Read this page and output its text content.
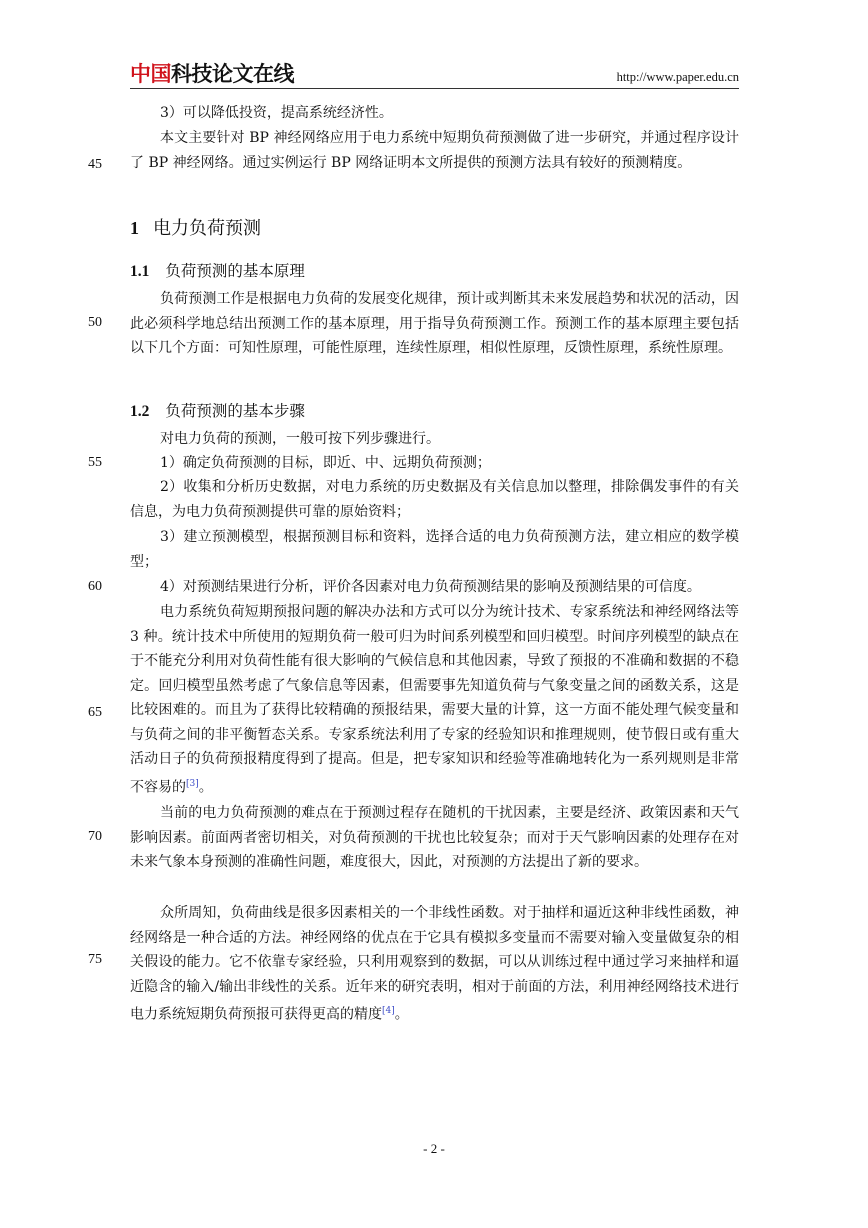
中国科技论文在线	http://www.paper.edu.cn
45
50
55
60
65
70
75
3）可以降低投资，提高系统经济性。
本文主要针对 BP 神经网络应用于电力系统中短期负荷预测做了进一步研究，并通过程序设计了 BP 神经网络。通过实例运行 BP 网络证明本文所提供的预测方法具有较好的预测精度。
1 电力负荷预测
1.1 负荷预测的基本原理
负荷预测工作是根据电力负荷的发展变化规律，预计或判断其未来发展趋势和状况的活动，因此必须科学地总结出预测工作的基本原理，用于指导负荷预测工作。预测工作的基本原理主要包括以下几个方面：可知性原理，可能性原理，连续性原理，相似性原理，反馈性原理，系统性原理。
1.2 负荷预测的基本步骤
对电力负荷的预测，一般可按下列步骤进行。
1）确定负荷预测的目标，即近、中、远期负荷预测；
2）收集和分析历史数据，对电力系统的历史数据及有关信息加以整理，排除偶发事件的有关信息，为电力负荷预测提供可靠的原始资料；
3）建立预测模型，根据预测目标和资料，选择合适的电力负荷预测方法，建立相应的数学模型；
4）对预测结果进行分析，评价各因素对电力负荷预测结果的影响及预测结果的可信度。
电力系统负荷短期预报问题的解决办法和方式可以分为统计技术、专家系统法和神经网络法等 3 种。统计技术中所使用的短期负荷一般可归为时间系列模型和回归模型。时间序列模型的缺点在于不能充分利用对负荷性能有很大影响的气候信息和其他因素，导致了预报的不准确和数据的不稳定。回归模型虽然考虑了气象信息等因素，但需要事先知道负荷与气象变量之间的函数关系，这是比较困难的。而且为了获得比较精确的预报结果，需要大量的计算，这一方面不能处理气候变量和与负荷之间的非平衡暂态关系。专家系统法利用了专家的经验知识和推理规则，使节假日或有重大活动日子的负荷预报精度得到了提高。但是，把专家知识和经验等准确地转化为一系列规则是非常不容易的[3]。
当前的电力负荷预测的难点在于预测过程存在随机的干扰因素，主要是经济、政策因素和天气影响因素。前面两者密切相关，对负荷预测的干扰也比较复杂；而对于天气影响因素的处理存在对未来气象本身预测的准确性问题，难度很大，因此，对预测的方法提出了新的要求。
众所周知，负荷曲线是很多因素相关的一个非线性函数。对于抽样和逼近这种非线性函数，神经网络是一种合适的方法。神经网络的优点在于它具有模拟多变量而不需要对输入变量做复杂的相关假设的能力。它不依靠专家经验，只利用观察到的数据，可以从训练过程中通过学习来抽样和逼近隐含的输入/输出非线性的关系。近年来的研究表明，相对于前面的方法，利用神经网络技术进行电力系统短期负荷预报可获得更高的精度[4]。
- 2 -
